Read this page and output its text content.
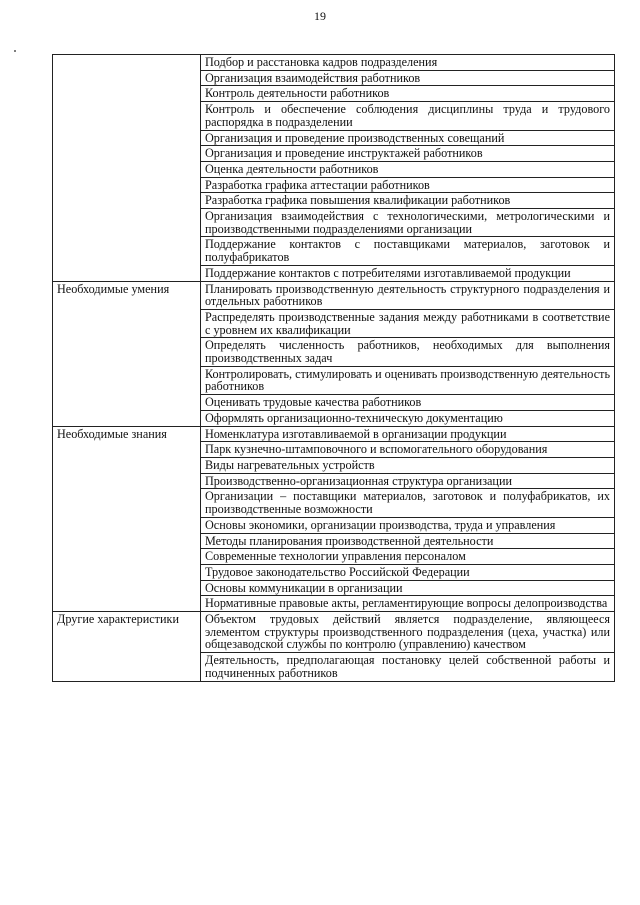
19
	Подбор и расстановка кадров подразделения
	Организация взаимодействия работников
	Контроль деятельности работников
	Контроль и обеспечение соблюдения дисциплины труда и трудового распорядка в подразделении
	Организация и проведение производственных совещаний
	Организация и проведение инструктажей работников
	Оценка деятельности работников
	Разработка графика аттестации работников
	Разработка графика повышения квалификации работников
	Организация взаимодействия с технологическими, метрологическими и производственными подразделениями организации
	Поддержание контактов с поставщиками материалов, заготовок и полуфабрикатов
	Поддержание контактов с потребителями изготавливаемой продукции
Необходимые умения	Планировать производственную деятельность структурного подразделения и отдельных работников
	Распределять производственные задания между работниками в соответствие с уровнем их квалификации
	Определять численность работников, необходимых для выполнения производственных задач
	Контролировать, стимулировать и оценивать производственную деятельность работников
	Оценивать трудовые качества работников
	Оформлять организационно-техническую документацию
Необходимые знания	Номенклатура изготавливаемой в организации продукции
	Парк кузнечно-штамповочного и вспомогательного оборудования
	Виды нагревательных устройств
	Производственно-организационная структура организации
	Организации – поставщики материалов, заготовок и полуфабрикатов, их производственные возможности
	Основы экономики, организации производства, труда и управления
	Методы планирования производственной деятельности
	Современные технологии управления персоналом
	Трудовое законодательство Российской Федерации
	Основы коммуникации в организации
	Нормативные правовые акты, регламентирующие вопросы делопроизводства
Другие характеристики	Объектом трудовых действий является подразделение, являющееся элементом структуры производственного подразделения (цеха, участка) или общезаводской службы по контролю (управлению) качеством
	Деятельность, предполагающая постановку целей собственной работы и подчиненных работников
